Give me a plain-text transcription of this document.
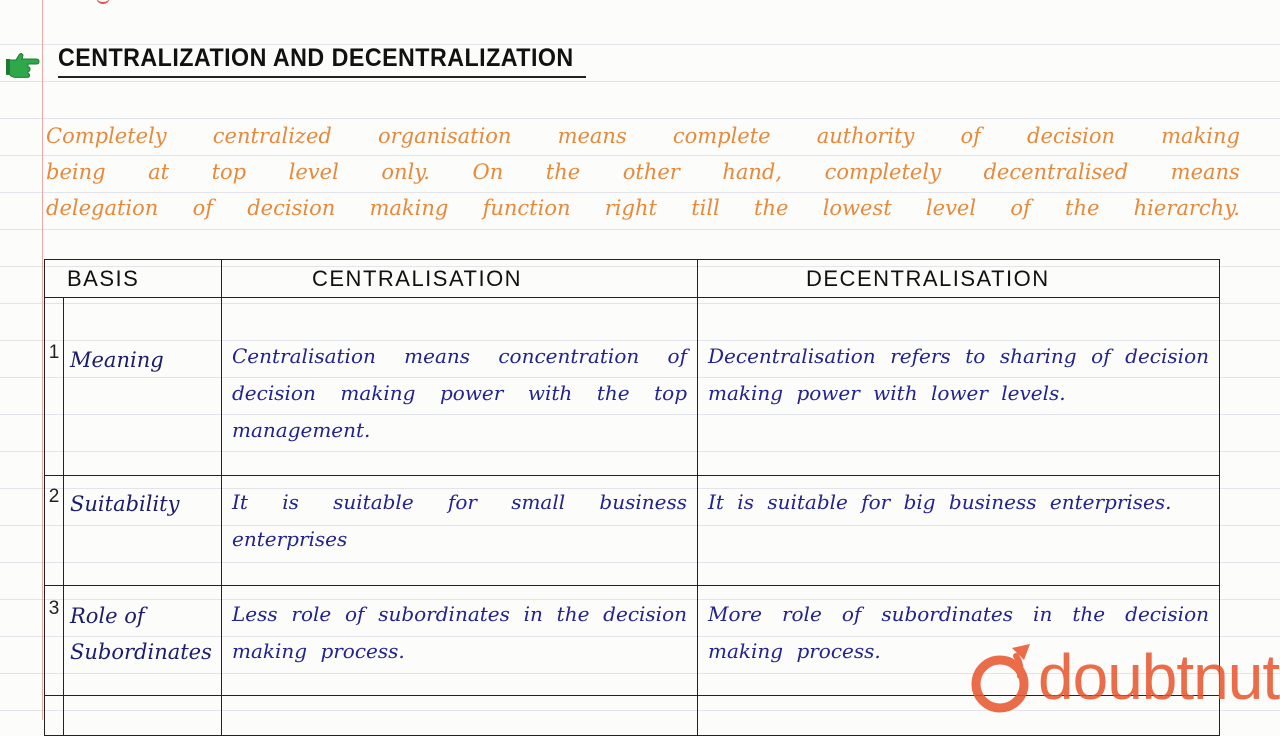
CENTRALIZATION AND DECENTRALIZATION
Completely centralized organisation means complete authority of decision making
being at top level only. On the other hand, completely decentralised means
delegation of decision making function right till the lowest level of the hierarchy.
BASIS		CENTRALISATION	DECENTRALISATION
1	Meaning	Centralisation means concentration of decision making power with the top management.	Decentralisation refers to sharing of decision making power with lower levels.
2	Suitability	It is suitable for small business enterprises	It is suitable for big business enterprises.
3	Role of Subordinates	Less role of subordinates in the decision making process.	More role of subordinates in the decision making process.
			doubtnut
